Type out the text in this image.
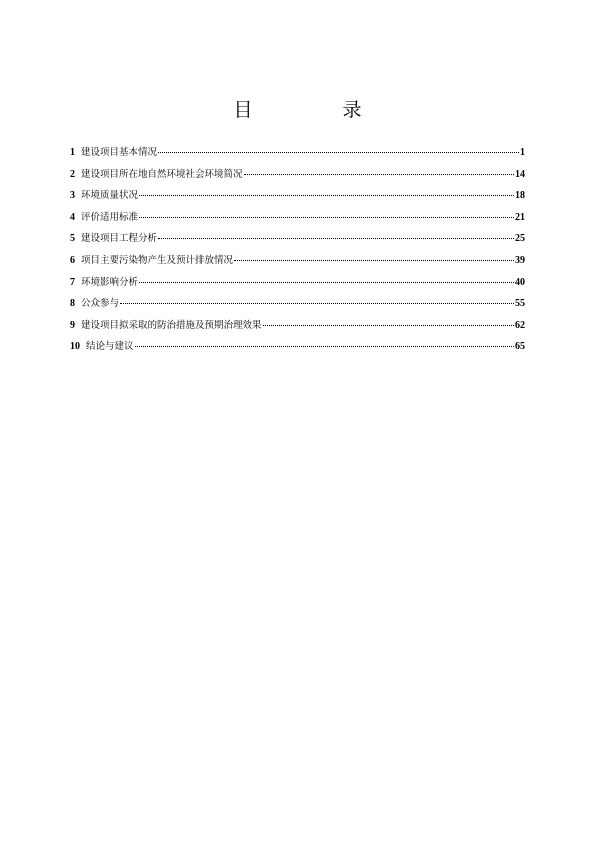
目 录
1 建设项目基本情况	1
2 建设项目所在地自然环境社会环境简况	14
3 环境质量状况	18
4 评价适用标准	21
5 建设项目工程分析	25
6 项目主要污染物产生及预计排放情况	39
7 环境影响分析	40
8 公众参与	55
9 建设项目拟采取的防治措施及预期治理效果	62
10 结论与建议	65
